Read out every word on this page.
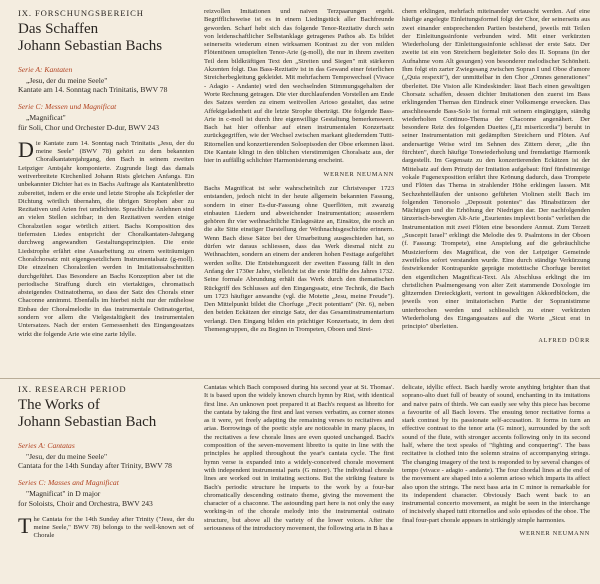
IX. FORSCHUNGSBEREICH
Das Schaffen
Johann Sebastian Bachs
Serie A: Kantaten
„Jesu, der du meine Seele"
Kantate am 14. Sonntag nach Trinitatis, BWV 78
Serie C: Messen und Magnificat
„Magnificat"
für Soli, Chor und Orchester D-dur, BWV 243

Die Kantate zum 14. Sonntag nach Trinitatis „Jesu, der du meine Seele" (BWV 78) gehört zu dem bekannten Choralkantatenjahrgang, den Bach in seinem zweiten Leipziger Amtsjahr komponierte. Zugrunde liegt das damals weitverbreitete Kirchenlied Johann Rists gleichen Anfangs. Ein unbekannter Dichter hat es in Bachs Auftrage als Kantatenlibretto zubereitet, indem er die erste und letzte Strophe als Eckpfeiler der Dichtung wörtlich übernahm, die übrigen Strophen aber zu Rezitativen und Arien frei umdichtete. Sprachliche Anlehnen sind an vielen Stellen sichtbar; in den Rezitativen werden einige Choralzeilen sogar wörtlich zitiert. Bachs Komposition des tiefernsten Liedes entspricht der Choralkantaten-Jahrgang durchweg angewandten Gestaltungsprinzipien. Die erste Liedstrophe erfährt eine Ausarbeitung zu einem weiträumigen Choralchorsatz mit eigengesetzlichem Instrumentalsatz (g-moll). Die einzelnen Choralzeilen werden in Imitationsabschnitten durchgeführt. Das Besondere an Bachs Konzeption aber ist die periodische Straffung durch ein viertaktiges, chromatisch absteigendes Ostinatothema, so dass der Satz des Chorals einer Chaconne annimmt. Ebenfalls im hierbei nicht nur der mühelose Einbau der Choralmelodie in das instrumentale Ostinatogerüst, sondern vor allem die Vielgestaltigkeit des instrumentalen Untersatzes. Nach der ersten Gemessenheit des Eingangssatzes wirkt die folgende Arie wie eine zarte Idylle.

reizvollen Imitationen und naiven Terzpaarungen ergeht. Begrifflichsweise ist es in einem Liedingstück aller Bachfreunde geworden. Scharf hebt sich das folgende Tenor-Rezitativ durch sein von leidenschaftlicher Selbstanklage getragenes Pathos ab. Es bildet seinerseits wiederum einen wirksamen Kontrast zu der von milden Flötentönen umspielten Tenor-Arie (g-moll), die nur in ihrem zweiten Teil dem bildkräftigen Text den „Streiten und Siegen" mit stärkeren Akzenten folgt. Das Bass-Rezitativ ist in das Gewand einer feierlichen Streicherbegleitung gekleidet. Mit mehrfachem Tempowechsel (Vivace - Adagio - Andante) wird den wechselnden Stimmungsgehalten der Worte Rechnung getragen. Die vier durchlaufenden Vorstellen am Ende des Satzes werden zu einem weitvollen Arioso gestaltet, das seine Affektgeladenheit auf die letzte Strophe überträgt. Die folgende Bass-Arie in c-moll ist durch ihre eigenwillige Gestaltung bemerkenswert. Bach hat hier offenbar auf einen instrumentalen Konzertsatz zurückgegriffen, wie der Wechsel zwischen markant gliederndem Tutti-Ritornellen und konzertierenden Soloepisoden der Oboe erkennen lässt. Die Kantate klingt in den üblichen vierstimmigen Choralsatz aus, der hier in auffällig schlichter Harmonisierung erscheint.

WERNER NEUMANN

Bachs Magnificat ist sehr wahrscheinlich zur Christvesper 1723 entstanden, jedoch nicht in der heute allgemein bekannten Fassung, sondern in einer Es-dur-Fassung ohne Querflöten, mit zwanzig einbauten Liedern und abweichender Instrumentation; ausserdem gehören ihr vier weihnachtliche Einlagesätze an, Einsätze, die noch an die alte Sitte einstiger Darstellung der Weihnachtsgeschichte erinnern. Wenn Bach diese Sätze bei der Umarbeitung ausgeschieden hat, so dürfen wir daraus schliessen, dass das Werk diesmal nicht zu Weihnachten, sondern an einem der anderen hohen Festtage aufgeführt werden sollte. Die Entstehungszeit der zweiten Fassung fällt in den Anfang der 1730er Jahre, vielleicht ist die erste Hälfte des Jahres 1732. Seine formale Abrundung erhält das Werk durch den thematischen Rückgriff des Schlusses auf den Eingangssatz, eine Technik, die Bach um 1723 häufiger anwandte (vgl. die Motette „Jesu, meine Freude"). Den Mittelpunkt bildet die Chorfuge „Fecit potentiam" (Nr. 6), neben den beiden Eckätzen der einzige Satz, der das Gesamtinstrumentarium verlangt. Den Eingang bilden ein prächtiger Konzertsatz, in dem drei Themengruppen, die zu Beginn in Trompeten, Oboen und Strei-

chern erklingen, mehrfach miteinander vertauscht werden. Auf eine häufige angelegte Einleitungsformel folgt der Chor, der seinerseits aus zwei einander entsprechenden Partien bestehend, jeweils mit Teilen der Einleitungssinfonie verbunden wird. Mit einer verkürzten Wiederholung der Einleitungssinfonie schliesst der erste Satz. Der zweite ist ein von Streichern begleiteter Solo des II. Soprans (in der Aufnahme vom Alt gesungen) von besonderer melodischer Schönheit. Ihm folgt ein zarter Zwiegesang zwischen Sopran I und Oboe d'amore („Quia respexit"), der unmittelbar in den Chor „Omnes generationes" überleitet. Die Vision alle Kindeskinder: lässt Bach einen gewaltigen Chorsatz schaffen, dessen dichter Imitationen den zuerst im Bass erklingenden Themas den Eindruck einer Volksmenge erwecken. Das anschliessende Bass-Solo ist formal mit seinem eingängigen, ständig wiederholten Continuo-Thema der Chaconne angenähert. Der besondere Reiz des folgenden Duettes („Et misericordia") beruht in seiner Instrumentation mit gedämpften Streichern und Flöten. Auf andersartige Weise wird im Sehnen des Zittern derer, „die ihn fürchten", durch häufige Tonwiederholung und fremdartige Harmonik dargestellt. Im Gegensatz zu den konzertierenden Eckätzen ist der Mittelsatz auf dem Prinzip der Imitation aufgebaut: fünf fünfstimmige vokale Fugenexposition erfährt ihre Krönung dadurch, dass Trompete und Flöten das Thema in strahlender Höhe erklingen lassen. Mit Sechzehntelläufen der unisono geführten Violinen stellt Bach im folgenden Tenorsolo „Deposuit potentes" das Hinabstürzen der Mächtigen und die Erhöhung der Niedrigen dar. Der nachfolgenden tänzerisch-bewegten Alt-Arie „Esurientes implevit bonis" verleihen die Instrumentation mit zwei Flöten eine besondere Anmut. Zum Terzett „Suscepit Israel" erklingt die Melodie des 9. Psalmtons in der Oboen (f. Fassung: Trompete), eine Anspielung auf die gebräuchliche Musizierform des Magnificat, die von der Leipziger Gemeinde zweifellos sofort verstanden wurde. Eine durch ständige Verkürzung festwirkender Kontrapunkte geprägte motettische Chorfuge bereitet den eigentlichen Magnificat-Text. Als Abschluss erklingt die im christlichen Psalmengesang von alter Zeit stammende Doxologie im glitzernden Dreieckigkeit, vertont in gewaltigen Akkordblöcken, die jeweils von einer imitatorischen Partie der Sopranistimme unterbrochen werden und schliesslich zu einer verkürzten Wiederholung des Eingangssatzes auf die Worte „Sicut erat in principio" überleiten.

ALFRED DÜRR
IX. RESEARCH PERIOD
The Works of
Johann Sebastian Bach
Series A: Cantatas
"Jesu, der du meine Seele"
Cantata for the 14th Sunday after Trinity, BWV 78
Series C: Masses and Magnificat
"Magnificat" in D major
for Soloists, Choir and Orchestra, BWV 243

The Cantata for the 14th Sunday after Trinity ("Jesu, der du meine Seele," BWV 78) belongs to the well-known set of Chorale

Cantatas which Bach composed during his second year at St. Thomas'. It is based upon the widely known church hymn by Rist, with identical first line. An unknown poet prepared it at Bach's request as libretto for the cantata by taking the first and last verses verbatim, as corner stones as it were, yet freely adapting the remaining verses to recitatives and arias. Borrowings of the poetic style are noticeable in many places, in the recitatives a few chorale lines are even quoted unchanged. Bach's composition of the seven-movement libretto is quite in line with the principles he applied throughout the year's cantata cycle. The first hymn verse is expanded into a widely-conceived chorale movement with independent instrumental parts (G minor). The individual chorale lines are worked out in imitating sections. But the striking feature is Bach's periodic structure he imparts to the work by a four-bar chromatically descending ostinato theme, giving the movement the character of a chaconne. The astounding part here is not only the easy working-in of the chorale melody into the instrumental ostinato structure, but above all the variety of the lower voices. After the seriousness of the introductory movement, the following aria in B has a

delicate, idyllic effect. Bach hardly wrote anything brighter than that soprano-alto duet full of beauty of sound, enchanting in its imitations and naive pairs of thirds. We can easily see why this piece has become a favourite of all Bach lovers. The ensuing tenor recitative forms a stark contrast by its passionate self-accusation. It forms in turn an effective contrast to the tenor aria (G minor), surrounded by the soft sound of the flute, with stronger accents following only in its second half, where the text speaks of "fighting and conquering". The bass recitative is clothed into the solemn strains of accompanying strings. The changing imagery of the text is responded to by several changes of tempo (vivace - adagio - andante). The four chordal lines at the end of the movement are shaped into a solemn arioso which imparts its affect also upon the strings. The next bass aria in C minor is remarkable for its independent character. Obviously Bach went back to an instrumental concerto movement, as might be seen in the interchange of incisively shaped tutti ritornellos and solo episodes of the oboe. The final four-part chorale appears in strikingly simple harmonies.

WERNER NEUMANN
